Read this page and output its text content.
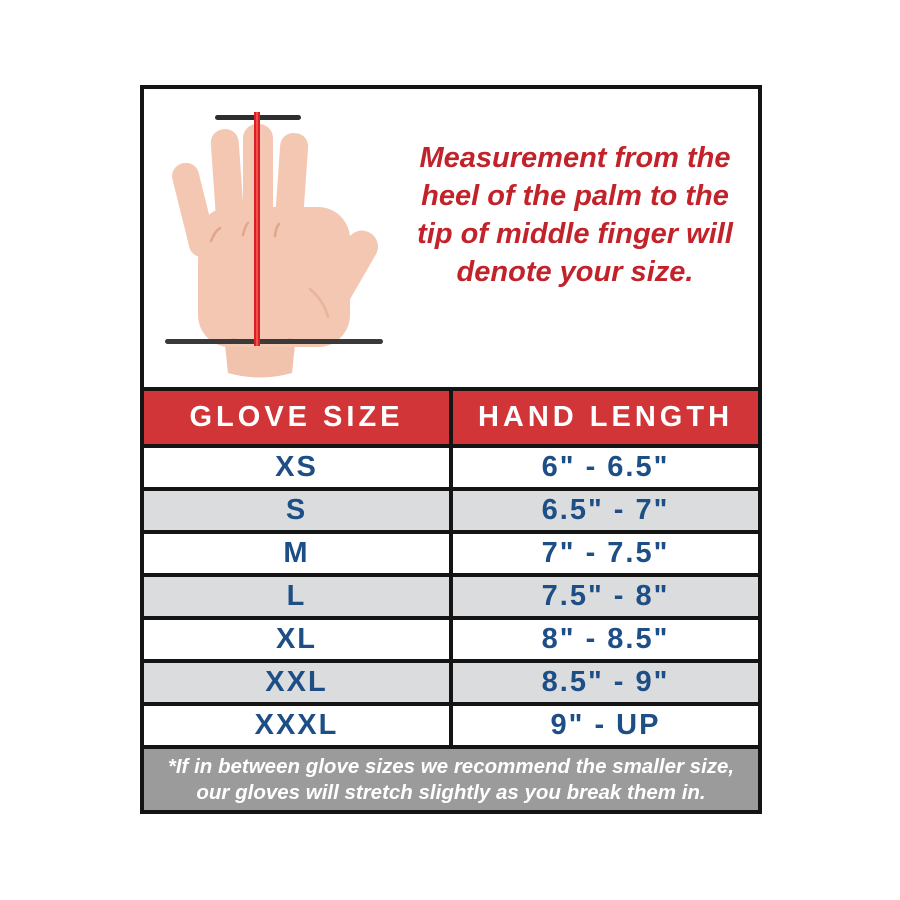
Measurement from the
heel of the palm to the
tip of middle finger will
denote your size.
GLOVE SIZE	HAND LENGTH
XS	6" - 6.5"
S	6.5" - 7"
M	7" - 7.5"
L	7.5" - 8"
XL	8" - 8.5"
XXL	8.5" - 9"
XXXL	9" - UP
*If in between glove sizes we recommend the smaller size,
our gloves will stretch slightly as you break them in.
